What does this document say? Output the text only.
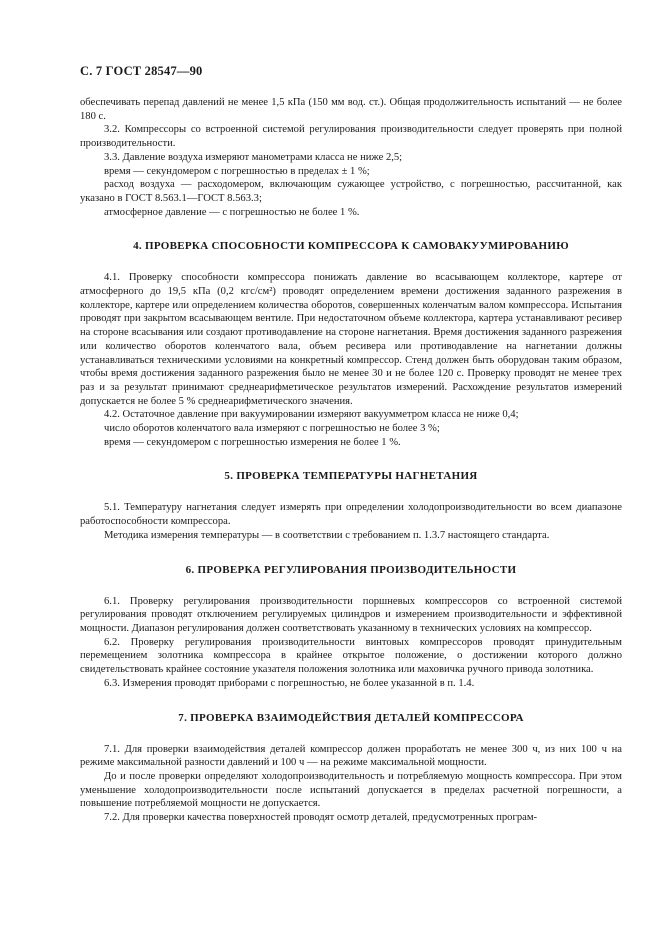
С. 7 ГОСТ 28547—90

обеспечивать перепад давлений не менее 1,5 кПа (150 мм вод. ст.). Общая продолжительность испытаний — не более 180 с.

3.2. Компрессоры со встроенной системой регулирования производительности следует проверять при полной производительности.

3.3. Давление воздуха измеряют манометрами класса не ниже 2,5;

время — секундомером с погрешностью в пределах ± 1 %;

расход воздуха — расходомером, включающим сужающее устройство, с погрешностью, рассчитанной, как указано в ГОСТ 8.563.1—ГОСТ 8.563.3;

атмосферное давление — с погрешностью не более 1 %.

4. ПРОВЕРКА СПОСОБНОСТИ КОМПРЕССОРА К САМОВАКУУМИРОВАНИЮ

4.1. Проверку способности компрессора понижать давление во всасывающем коллекторе, картере от атмосферного до 19,5 кПа (0,2 кгс/см²) проводят определением времени достижения заданного разрежения в коллекторе, картере или определением количества оборотов, совершенных коленчатым валом компрессора. Испытания проводят при закрытом всасывающем вентиле. При недостаточном объеме коллектора, картера устанавливают ресивер на стороне всасывания или создают противодавление на стороне нагнетания. Время достижения заданного разрежения или количество оборотов коленчатого вала, объем ресивера или противодавление на нагнетании должны устанавливаться техническими условиями на конкретный компрессор. Стенд должен быть оборудован таким образом, чтобы время достижения заданного разрежения было не менее 30 и не более 120 с. Проверку проводят не менее трех раз и за результат принимают среднеарифметическое результатов измерений. Расхождение результатов измерений допускается не более 5 % среднеарифметического значения.

4.2. Остаточное давление при вакуумировании измеряют вакуумметром класса не ниже 0,4;

число оборотов коленчатого вала измеряют с погрешностью не более 3 %;

время — секундомером с погрешностью измерения не более 1 %.

5. ПРОВЕРКА ТЕМПЕРАТУРЫ НАГНЕТАНИЯ

5.1. Температуру нагнетания следует измерять при определении холодопроизводительности во всем диапазоне работоспособности компрессора.

Методика измерения температуры — в соответствии с требованием п. 1.3.7 настоящего стандарта.

6. ПРОВЕРКА РЕГУЛИРОВАНИЯ ПРОИЗВОДИТЕЛЬНОСТИ

6.1. Проверку регулирования производительности поршневых компрессоров со встроенной системой регулирования проводят отключением регулируемых цилиндров и измерением производительности и эффективной мощности. Диапазон регулирования должен соответствовать указанному в технических условиях на компрессор.

6.2. Проверку регулирования производительности винтовых компрессоров проводят принудительным перемещением золотника компрессора в крайнее открытое положение, о достижении которого должно свидетельствовать крайнее состояние указателя положения золотника или маховичка ручного привода золотника.

6.3. Измерения проводят приборами с погрешностью, не более указанной в п. 1.4.

7. ПРОВЕРКА ВЗАИМОДЕЙСТВИЯ ДЕТАЛЕЙ КОМПРЕССОРА

7.1. Для проверки взаимодействия деталей компрессор должен проработать не менее 300 ч, из них 100 ч на режиме максимальной разности давлений и 100 ч — на режиме максимальной мощности.

До и после проверки определяют холодопроизводительность и потребляемую мощность компрессора. При этом уменьшение холодопроизводительности после испытаний допускается в пределах расчетной погрешности, а повышение потребляемой мощности не допускается.

7.2. Для проверки качества поверхностей проводят осмотр деталей, предусмотренных програм-
